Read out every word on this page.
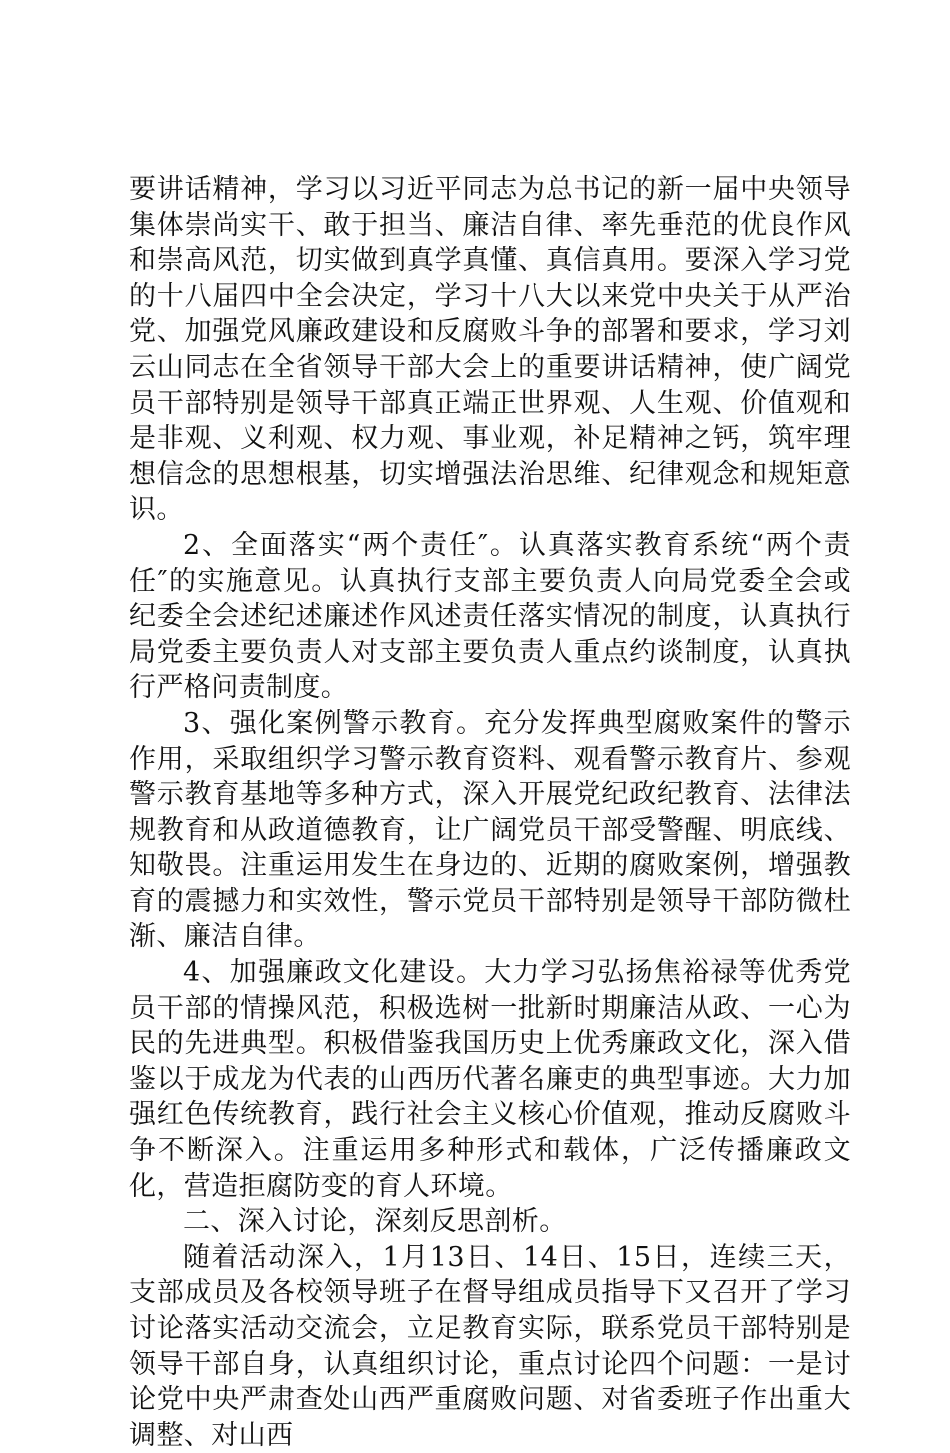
要讲话精神，学习以习近平同志为总书记的新一届中央领导集体崇尚实干、敢于担当、廉洁自律、率先垂范的优良作风和崇高风范，切实做到真学真懂、真信真用。要深入学习党的十八届四中全会决定，学习十八大以来党中央关于从严治党、加强党风廉政建设和反腐败斗争的部署和要求，学习刘云山同志在全省领导干部大会上的重要讲话精神，使广阔党员干部特别是领导干部真正端正世界观、人生观、价值观和是非观、义利观、权力观、事业观，补足精神之钙，筑牢理想信念的思想根基，切实增强法治思维、纪律观念和规矩意识。

2、全面落实“两个责任″。认真落实教育系统“两个责任″的实施意见。认真执行支部主要负责人向局党委全会或纪委全会述纪述廉述作风述责任落实情况的制度，认真执行局党委主要负责人对支部主要负责人重点约谈制度，认真执行严格问责制度。

3、强化案例警示教育。充分发挥典型腐败案件的警示作用，采取组织学习警示教育资料、观看警示教育片、参观警示教育基地等多种方式，深入开展党纪政纪教育、法律法规教育和从政道德教育，让广阔党员干部受警醒、明底线、知敬畏。注重运用发生在身边的、近期的腐败案例，增强教育的震撼力和实效性，警示党员干部特别是领导干部防微杜渐、廉洁自律。

4、加强廉政文化建设。大力学习弘扬焦裕禄等优秀党员干部的情操风范，积极选树一批新时期廉洁从政、一心为民的先进典型。积极借鉴我国历史上优秀廉政文化，深入借鉴以于成龙为代表的山西历代著名廉吏的典型事迹。大力加强红色传统教育，践行社会主义核心价值观，推动反腐败斗争不断深入。注重运用多种形式和载体，广泛传播廉政文化，营造拒腐防变的育人环境。

二、深入讨论，深刻反思剖析。

随着活动深入，1月13日、14日、15日，连续三天，支部成员及各校领导班子在督导组成员指导下又召开了学习讨论落实活动交流会，立足教育实际，联系党员干部特别是领导干部自身，认真组织讨论，重点讨论四个问题：一是讨论党中央严肃查处山西严重腐败问题、对省委班子作出重大调整、对山西
